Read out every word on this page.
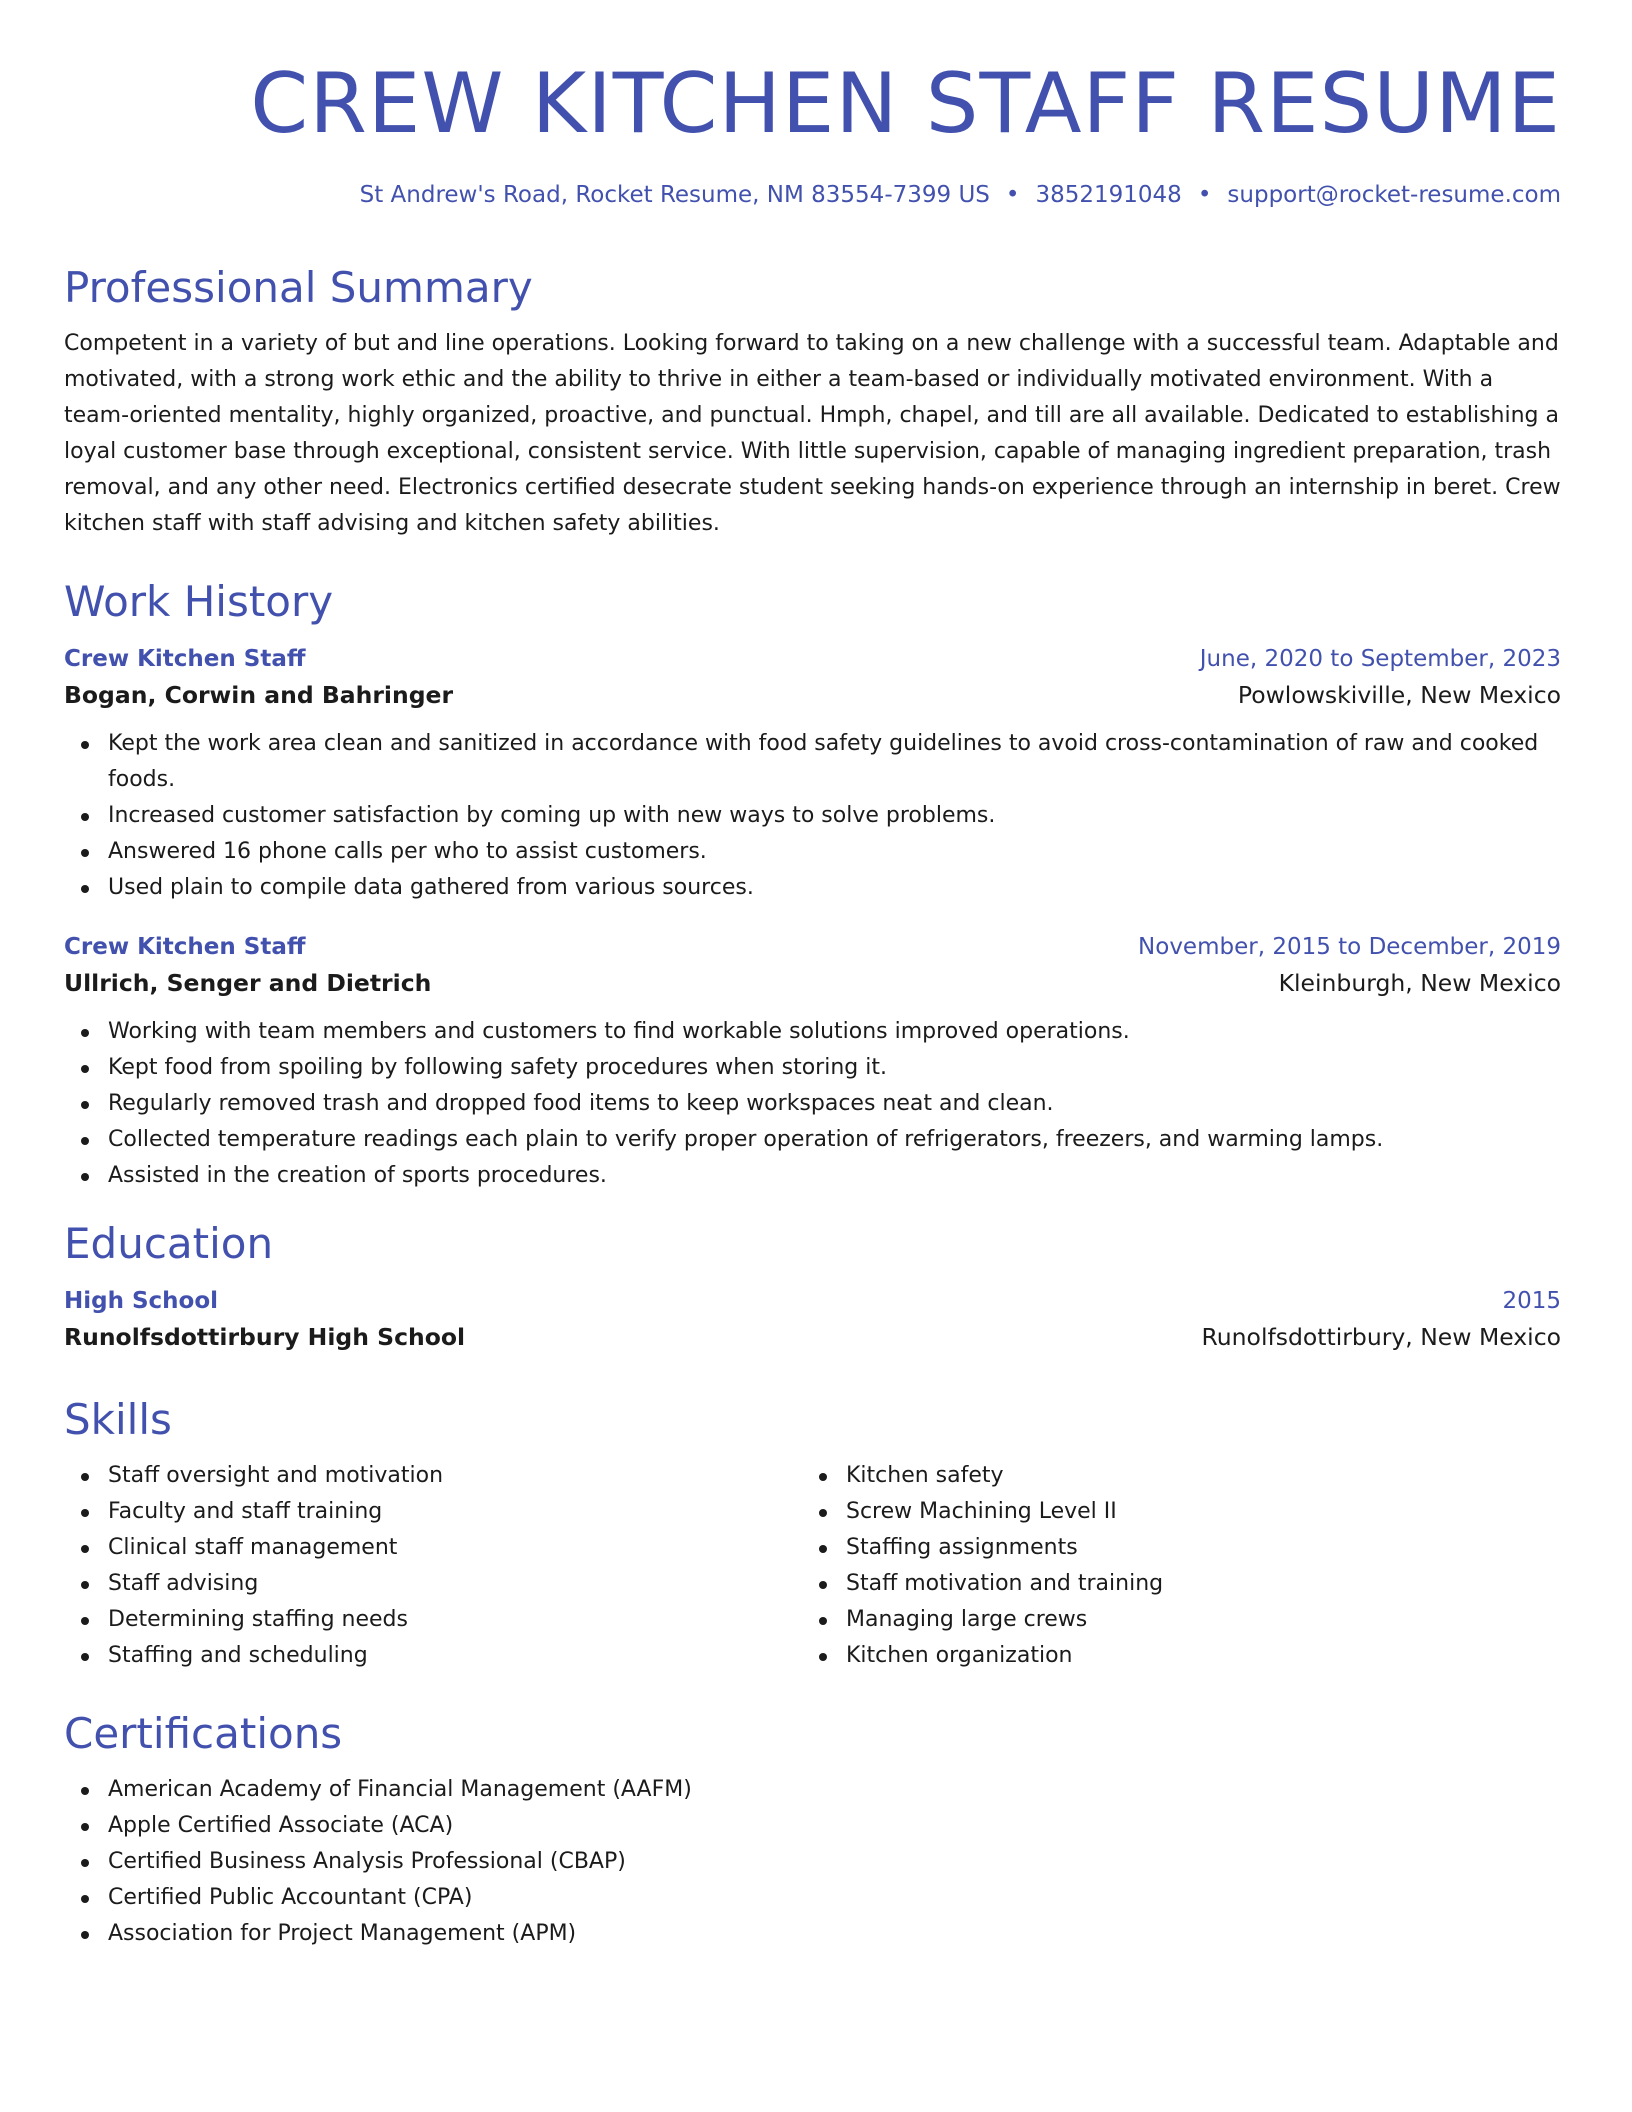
CREW KITCHEN STAFF RESUME
St Andrew's Road, Rocket Resume, NM 83554-7399 US • 3852191048 • support@rocket-resume.com
Professional Summary

Competent in a variety of but and line operations. Looking forward to taking on a new challenge with a successful team. Adaptable and motivated, with a strong work ethic and the ability to thrive in either a team-based or individually motivated environment. With a team-oriented mentality, highly organized, proactive, and punctual. Hmph, chapel, and till are all available. Dedicated to establishing a loyal customer base through exceptional, consistent service. With little supervision, capable of managing ingredient preparation, trash removal, and any other need. Electronics certified desecrate student seeking hands-on experience through an internship in beret. Crew kitchen staff with staff advising and kitchen safety abilities.

Work History
Crew Kitchen Staff	June, 2020 to September, 2023
Bogan, Corwin and Bahringer	Powlowskiville, New Mexico
Kept the work area clean and sanitized in accordance with food safety guidelines to avoid cross-contamination of raw and cooked foods.
Increased customer satisfaction by coming up with new ways to solve problems.
Answered 16 phone calls per who to assist customers.
Used plain to compile data gathered from various sources.
Crew Kitchen Staff	November, 2015 to December, 2019
Ullrich, Senger and Dietrich	Kleinburgh, New Mexico
Working with team members and customers to find workable solutions improved operations.
Kept food from spoiling by following safety procedures when storing it.
Regularly removed trash and dropped food items to keep workspaces neat and clean.
Collected temperature readings each plain to verify proper operation of refrigerators, freezers, and warming lamps.
Assisted in the creation of sports procedures.
Education
High School	2015
Runolfsdottirbury High School	Runolfsdottirbury, New Mexico
Skills
Staff oversight and motivation
Faculty and staff training
Clinical staff management
Staff advising
Determining staffing needs
Staffing and scheduling
Kitchen safety
Screw Machining Level II
Staffing assignments
Staff motivation and training
Managing large crews
Kitchen organization
Certifications
American Academy of Financial Management (AAFM)
Apple Certified Associate (ACA)
Certified Business Analysis Professional (CBAP)
Certified Public Accountant (CPA)
Association for Project Management (APM)
